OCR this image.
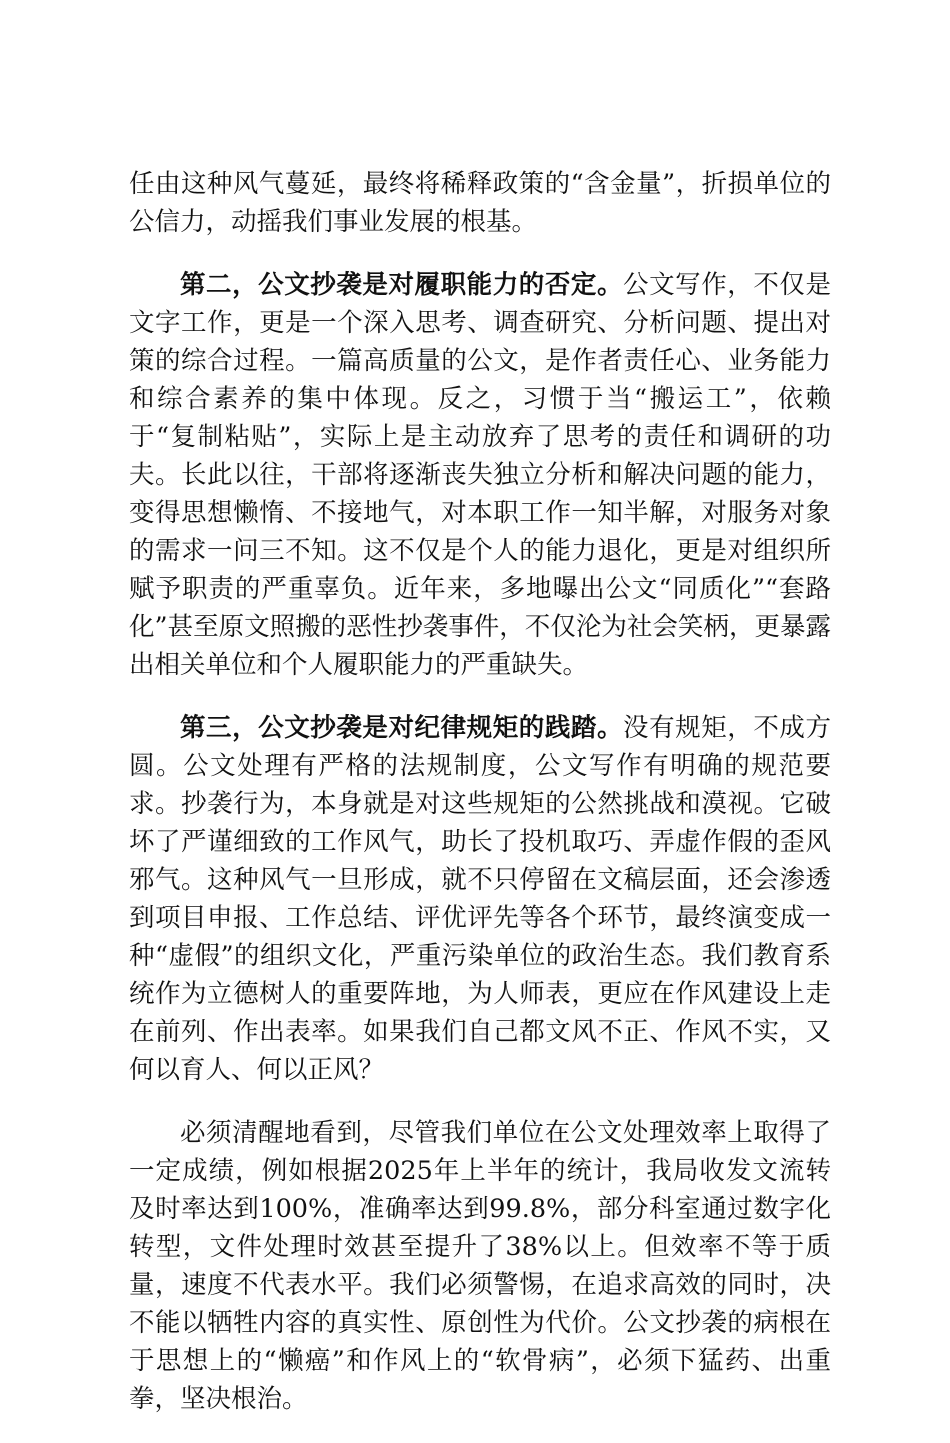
任由这种风气蔓延，最终将稀释政策的“含金量”，折损单位的公信力，动摇我们事业发展的根基。

第二，公文抄袭是对履职能力的否定。公文写作，不仅是文字工作，更是一个深入思考、调查研究、分析问题、提出对策的综合过程。一篇高质量的公文，是作者责任心、业务能力和综合素养的集中体现。反之，习惯于当“搬运工”，依赖于“复制粘贴”，实际上是主动放弃了思考的责任和调研的功夫。长此以往，干部将逐渐丧失独立分析和解决问题的能力，变得思想懒惰、不接地气，对本职工作一知半解，对服务对象的需求一问三不知。这不仅是个人的能力退化，更是对组织所赋予职责的严重辜负。近年来，多地曝出公文“同质化”“套路化”甚至原文照搬的恶性抄袭事件，不仅沦为社会笑柄，更暴露出相关单位和个人履职能力的严重缺失。

第三，公文抄袭是对纪律规矩的践踏。没有规矩，不成方圆。公文处理有严格的法规制度，公文写作有明确的规范要求。抄袭行为，本身就是对这些规矩的公然挑战和漠视。它破坏了严谨细致的工作风气，助长了投机取巧、弄虚作假的歪风邪气。这种风气一旦形成，就不只停留在文稿层面，还会渗透到项目申报、工作总结、评优评先等各个环节，最终演变成一种“虚假”的组织文化，严重污染单位的政治生态。我们教育系统作为立德树人的重要阵地，为人师表，更应在作风建设上走在前列、作出表率。如果我们自己都文风不正、作风不实，又何以育人、何以正风？

必须清醒地看到，尽管我们单位在公文处理效率上取得了一定成绩，例如根据2025年上半年的统计，我局收发文流转及时率达到100%，准确率达到99.8%，部分科室通过数字化转型，文件处理时效甚至提升了38%以上。但效率不等于质量，速度不代表水平。我们必须警惕，在追求高效的同时，决不能以牺牲内容的真实性、原创性为代价。公文抄袭的病根在于思想上的“懒癌”和作风上的“软骨病”，必须下猛药、出重拳，坚决根治。
